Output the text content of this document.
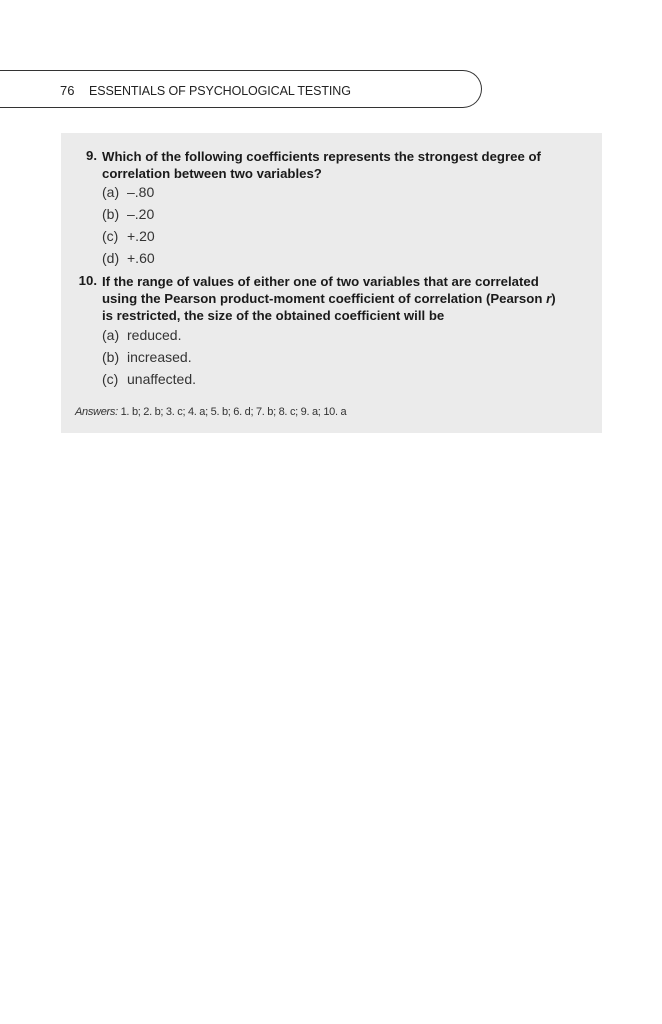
76 ESSENTIALS OF PSYCHOLOGICAL TESTING
9. Which of the following coefficients represents the strongest degree of
correlation between two variables?
(a) –.80
(b) –.20
(c) +.20
(d) +.60
10. If the range of values of either one of two variables that are correlated
using the Pearson product-moment coefficient of correlation (Pearson r)
is restricted, the size of the obtained coefficient will be
(a) reduced.
(b) increased.
(c) unaffected.
Answers: 1. b; 2. b; 3. c; 4. a; 5. b; 6. d; 7. b; 8. c; 9. a; 10. a
